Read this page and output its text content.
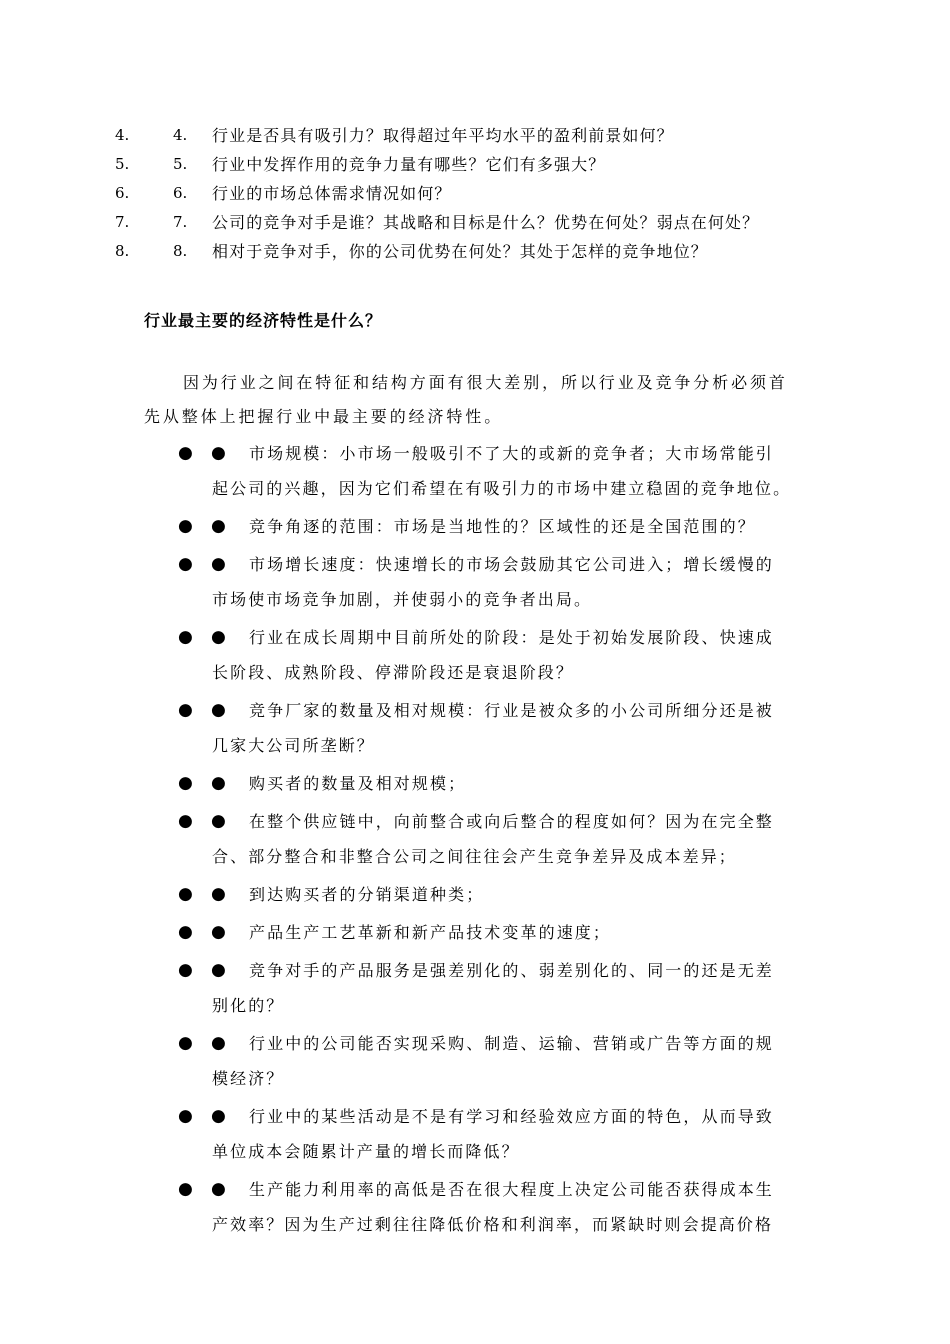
4.	4. 行业是否具有吸引力？取得超过年平均水平的盈利前景如何？
5.	5. 行业中发挥作用的竞争力量有哪些？它们有多强大？
6.	6. 行业的市场总体需求情况如何？
7.	7. 公司的竞争对手是谁？其战略和目标是什么？优势在何处？弱点在何处？
8.	8. 相对于竞争对手，你的公司优势在何处？其处于怎样的竞争地位？
行业最主要的经济特性是什么？

因为行业之间在特征和结构方面有很大差别，所以行业及竞争分析必须首
先从整体上把握行业中最主要的经济特性。

● ●	市场规模：小市场一般吸引不了大的或新的竞争者；大市场常能引
起公司的兴趣，因为它们希望在有吸引力的市场中建立稳固的竞争地位。
● ●	竞争角逐的范围：市场是当地性的？区域性的还是全国范围的？
● ●	市场增长速度：快速增长的市场会鼓励其它公司进入；增长缓慢的
市场使市场竞争加剧，并使弱小的竞争者出局。
● ●	行业在成长周期中目前所处的阶段：是处于初始发展阶段、快速成
长阶段、成熟阶段、停滞阶段还是衰退阶段？
● ●	竞争厂家的数量及相对规模：行业是被众多的小公司所细分还是被
几家大公司所垄断？
● ●	购买者的数量及相对规模；
● ●	在整个供应链中，向前整合或向后整合的程度如何？因为在完全整
合、部分整合和非整合公司之间往往会产生竞争差异及成本差异；
● ●	到达购买者的分销渠道种类；
● ●	产品生产工艺革新和新产品技术变革的速度；
● ●	竞争对手的产品服务是强差别化的、弱差别化的、同一的还是无差
别化的？
● ●	行业中的公司能否实现采购、制造、运输、营销或广告等方面的规
模经济？
● ●	行业中的某些活动是不是有学习和经验效应方面的特色，从而导致
单位成本会随累计产量的增长而降低？
● ●	生产能力利用率的高低是否在很大程度上决定公司能否获得成本生
产效率？因为生产过剩往往降低价格和利润率，而紧缺时则会提高价格
